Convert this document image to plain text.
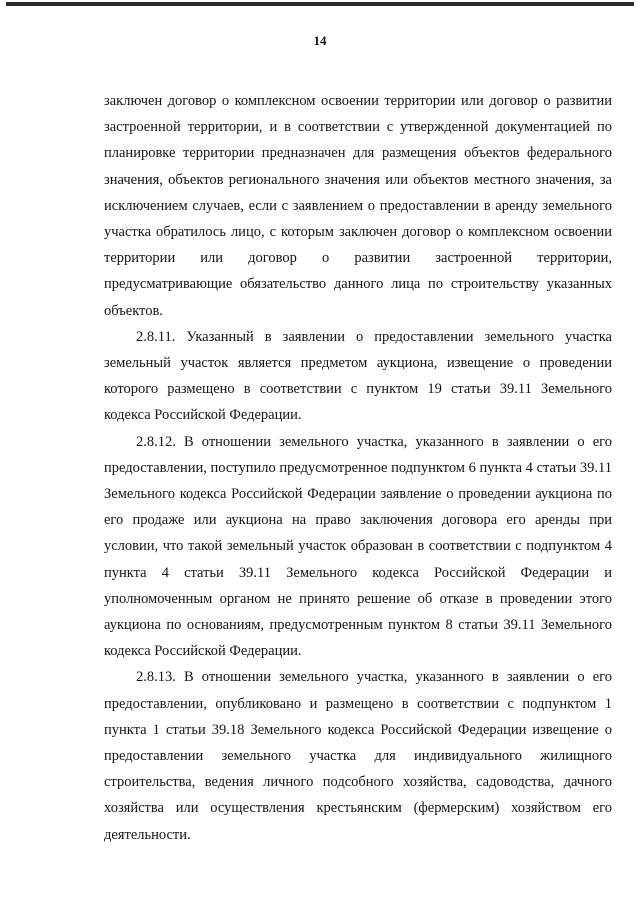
14

заключен договор о комплексном освоении территории или договор о развитии застроенной территории, и в соответствии с утвержденной документацией по планировке территории предназначен для размещения объектов федерального значения, объектов регионального значения или объектов местного значения, за исключением случаев, если с заявлением о предоставлении в аренду земельного участка обратилось лицо, с которым заключен договор о комплексном освоении территории или договор о развитии застроенной территории, предусматривающие обязательство данного лица по строительству указанных объектов.

2.8.11. Указанный в заявлении о предоставлении земельного участка земельный участок является предметом аукциона, извещение о проведении которого размещено в соответствии с пунктом 19 статьи 39.11 Земельного кодекса Российской Федерации.

2.8.12. В отношении земельного участка, указанного в заявлении о его предоставлении, поступило предусмотренное подпунктом 6 пункта 4 статьи 39.11 Земельного кодекса Российской Федерации заявление о проведении аукциона по его продаже или аукциона на право заключения договора его аренды при условии, что такой земельный участок образован в соответствии с подпунктом 4 пункта 4 статьи 39.11 Земельного кодекса Российской Федерации и уполномоченным органом не принято решение об отказе в проведении этого аукциона по основаниям, предусмотренным пунктом 8 статьи 39.11 Земельного кодекса Российской Федерации.

2.8.13. В отношении земельного участка, указанного в заявлении о его предоставлении, опубликовано и размещено в соответствии с подпунктом 1 пункта 1 статьи 39.18 Земельного кодекса Российской Федерации извещение о предоставлении земельного участка для индивидуального жилищного строительства, ведения личного подсобного хозяйства, садоводства, дачного хозяйства или осуществления крестьянским (фермерским) хозяйством его деятельности.
